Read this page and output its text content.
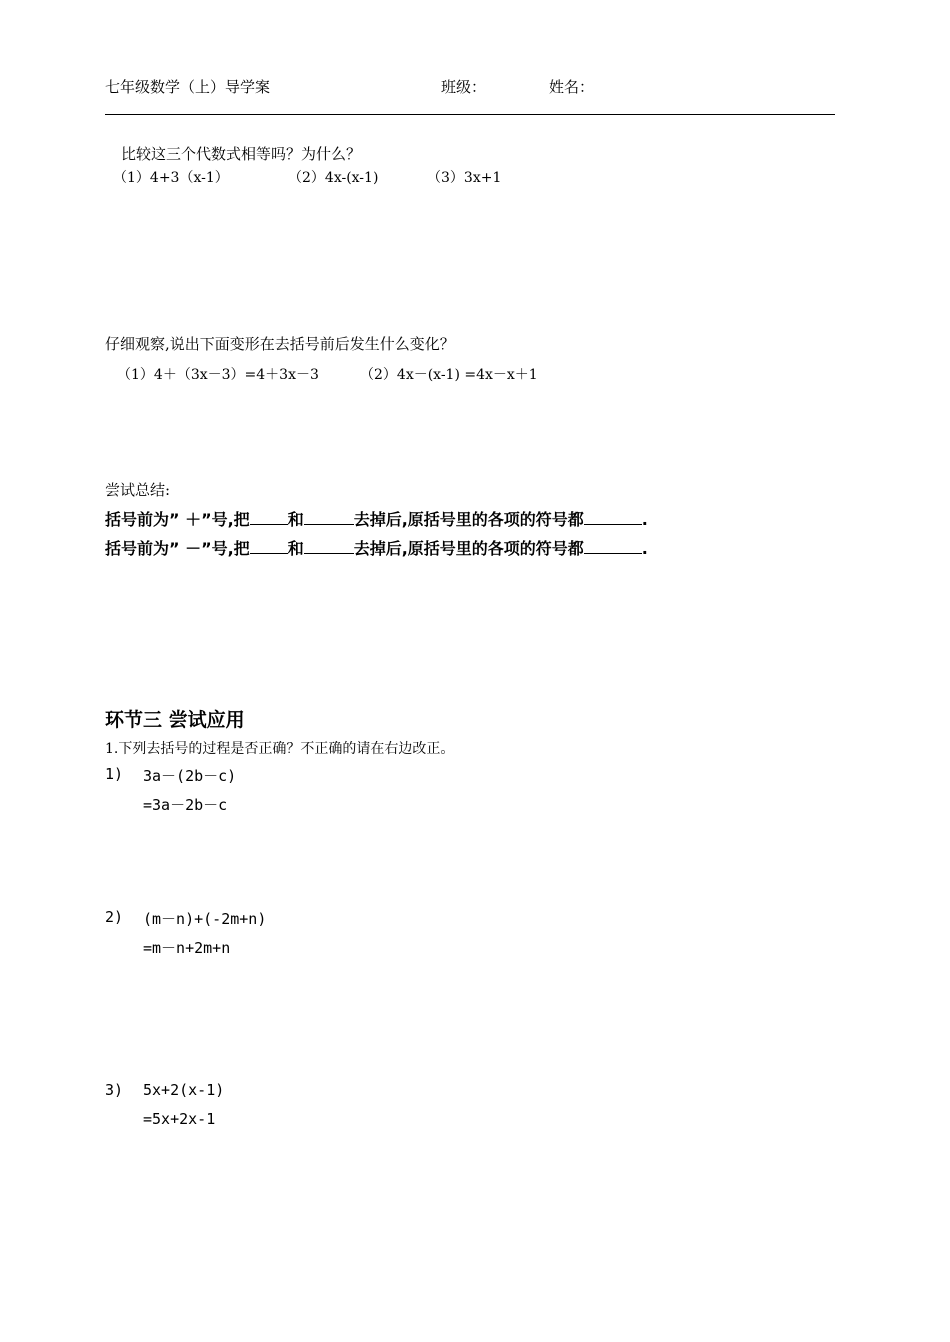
七年级数学（上）导学案	班级：	姓名：
比较这三个代数式相等吗？为什么？
（1）4+3（x-1）	（2）4x-(x-1)	（3）3x+1
仔细观察,说出下面变形在去括号前后发生什么变化？
（1）4＋（3x－3）=4＋3x－3	（2）4x－(x-1) =4x－x＋1
尝试总结:
括号前为” ＋”号,把 和	去掉后,原括号里的各项的符号都	.
括号前为” －”号,把 和	去掉后,原括号里的各项的符号都	.
环节三 尝试应用
1.下列去括号的过程是否正确？不正确的请在右边改正。
1) 3a－(2b－c)
=3a－2b－c
2) (m－n)+(-2m+n)
=m－n+2m+n
3) 5x+2(x-1)
=5x+2x-1
